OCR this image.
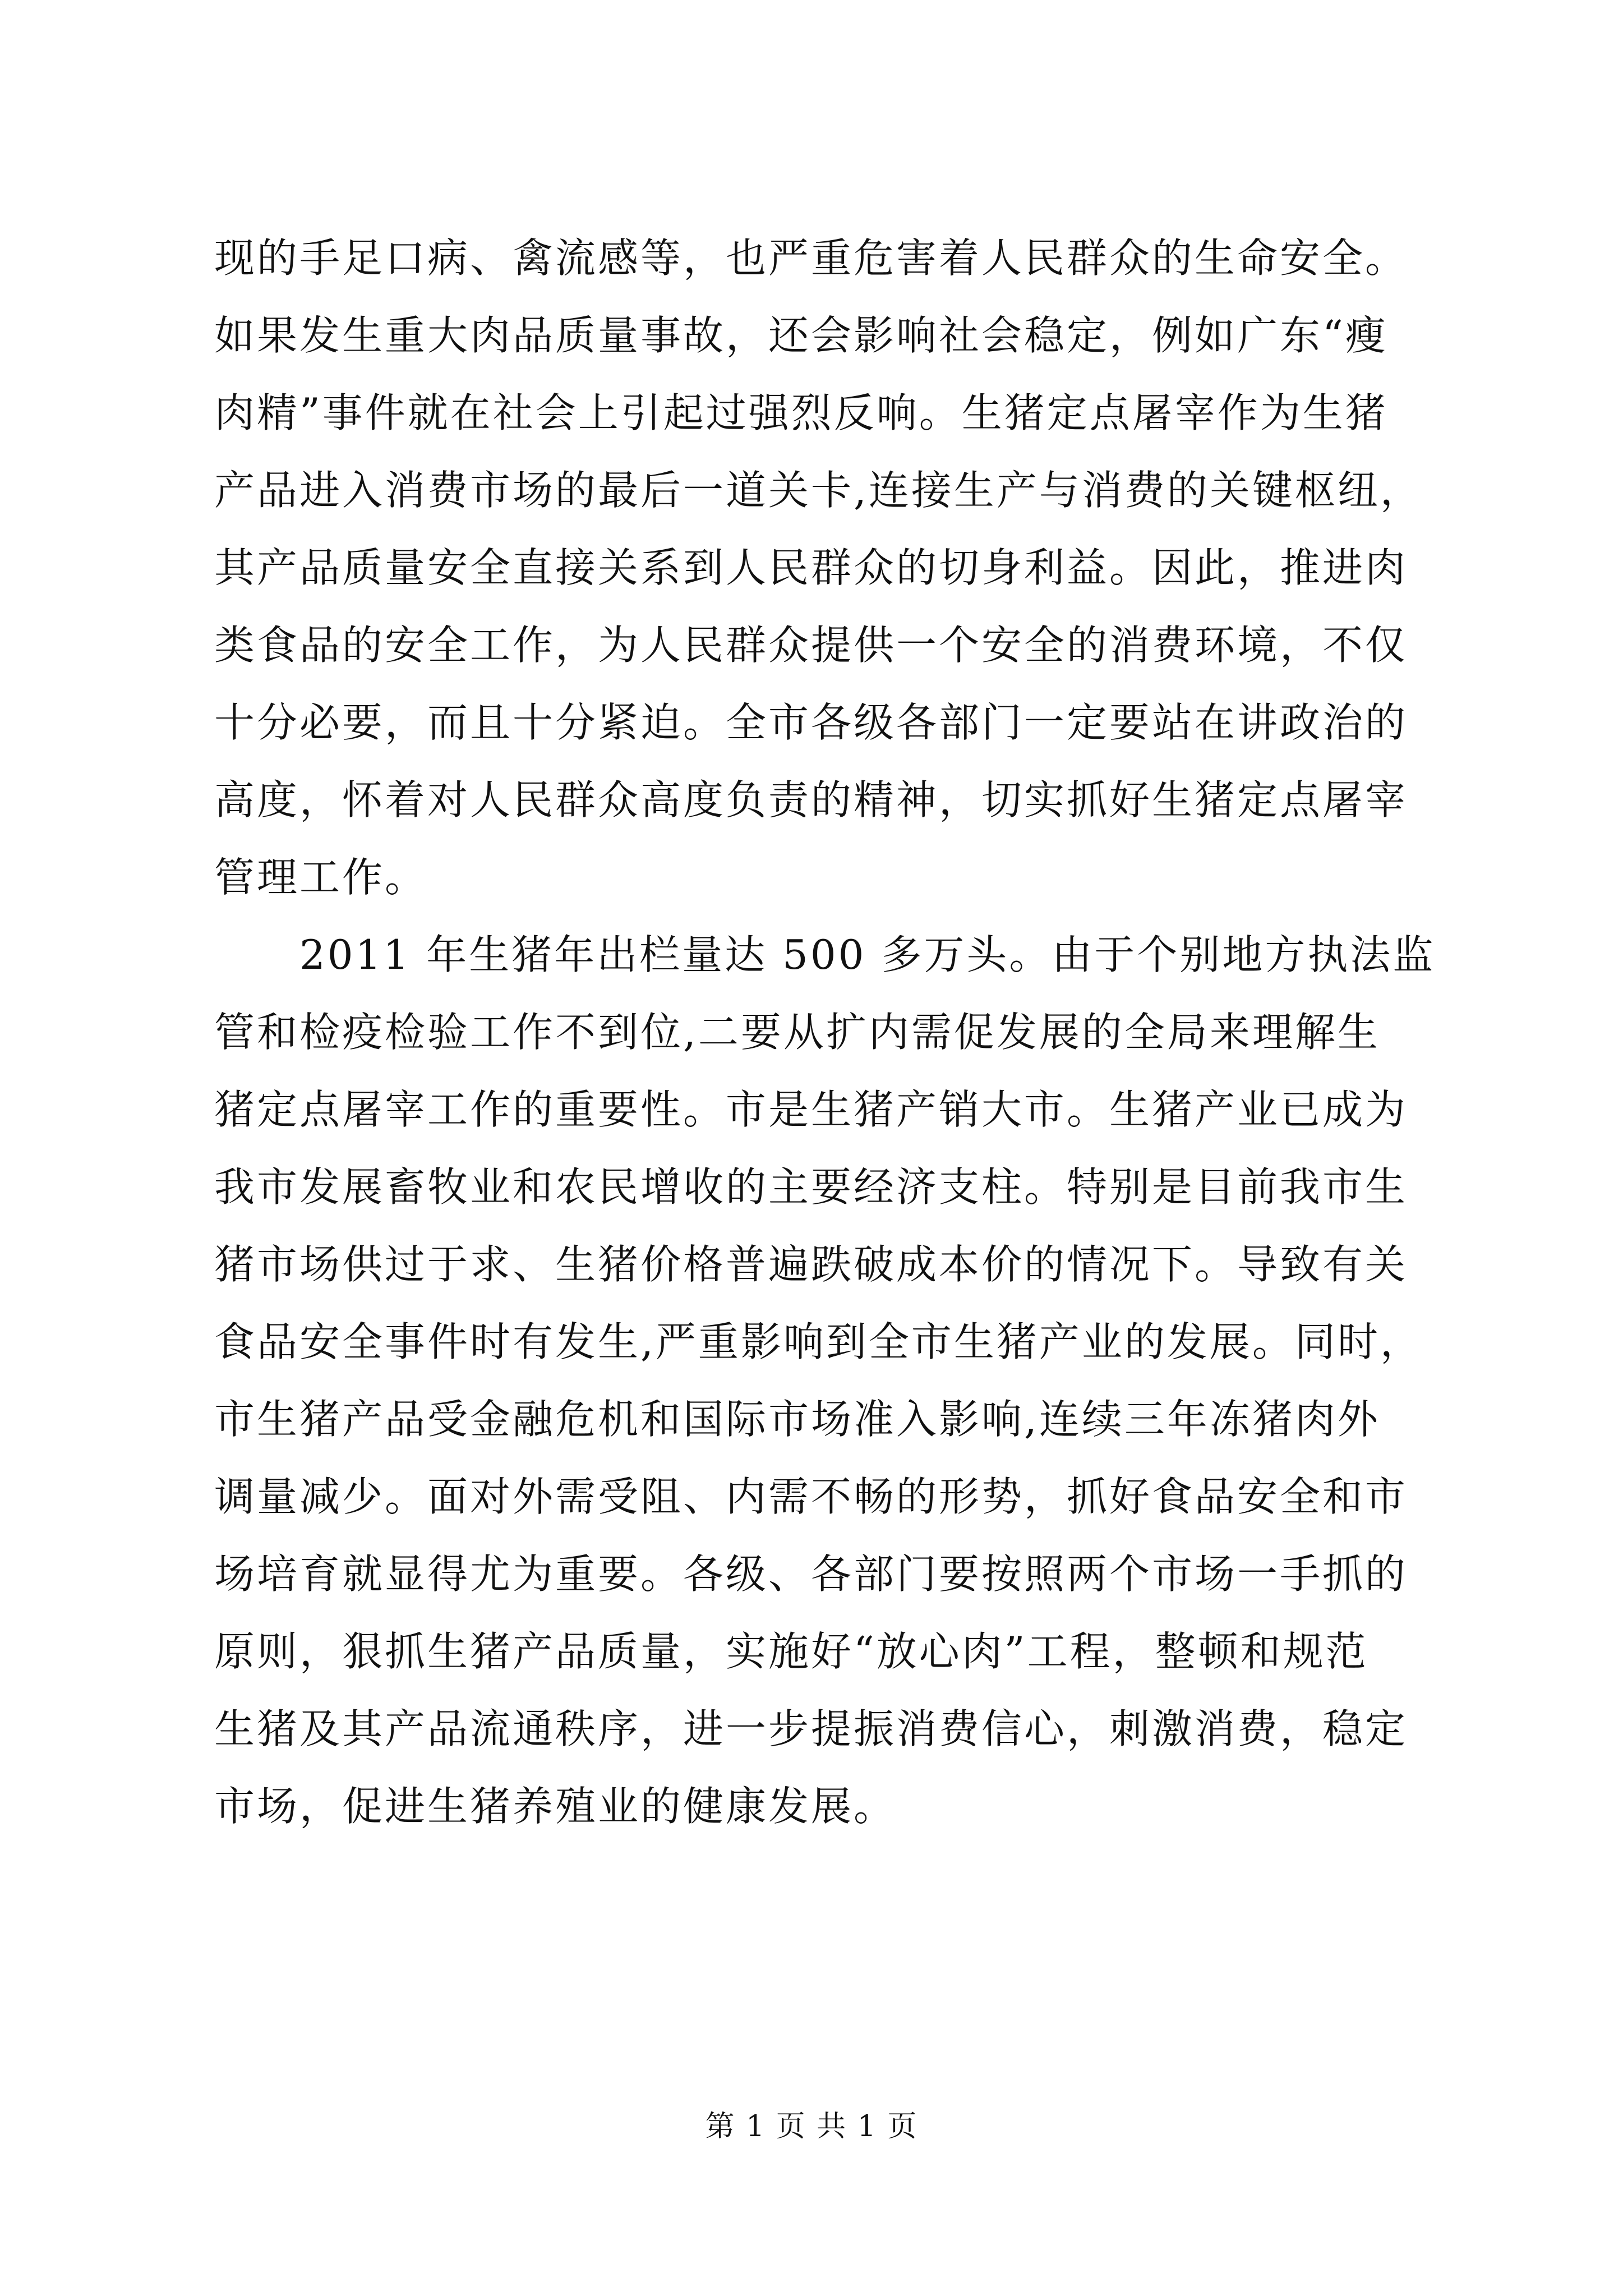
现的手足口病、禽流感等，也严重危害着人民群众的生命安全。
如果发生重大肉品质量事故，还会影响社会稳定，例如广东“瘦
肉精”事件就在社会上引起过强烈反响。生猪定点屠宰作为生猪
产品进入消费市场的最后一道关卡,连接生产与消费的关键枢纽，
其产品质量安全直接关系到人民群众的切身利益。因此，推进肉
类食品的安全工作，为人民群众提供一个安全的消费环境，不仅
十分必要，而且十分紧迫。全市各级各部门一定要站在讲政治的
高度，怀着对人民群众高度负责的精神，切实抓好生猪定点屠宰
管理工作。
　　2011 年生猪年出栏量达 500 多万头。由于个别地方执法监
管和检疫检验工作不到位,二要从扩内需促发展的全局来理解生
猪定点屠宰工作的重要性。市是生猪产销大市。生猪产业已成为
我市发展畜牧业和农民增收的主要经济支柱。特别是目前我市生
猪市场供过于求、生猪价格普遍跌破成本价的情况下。导致有关
食品安全事件时有发生,严重影响到全市生猪产业的发展。同时，
市生猪产品受金融危机和国际市场准入影响,连续三年冻猪肉外
调量减少。面对外需受阻、内需不畅的形势，抓好食品安全和市
场培育就显得尤为重要。各级、各部门要按照两个市场一手抓的
原则，狠抓生猪产品质量，实施好“放心肉”工程，整顿和规范
生猪及其产品流通秩序，进一步提振消费信心，刺激消费，稳定
市场，促进生猪养殖业的健康发展。
第 1 页 共 1 页
